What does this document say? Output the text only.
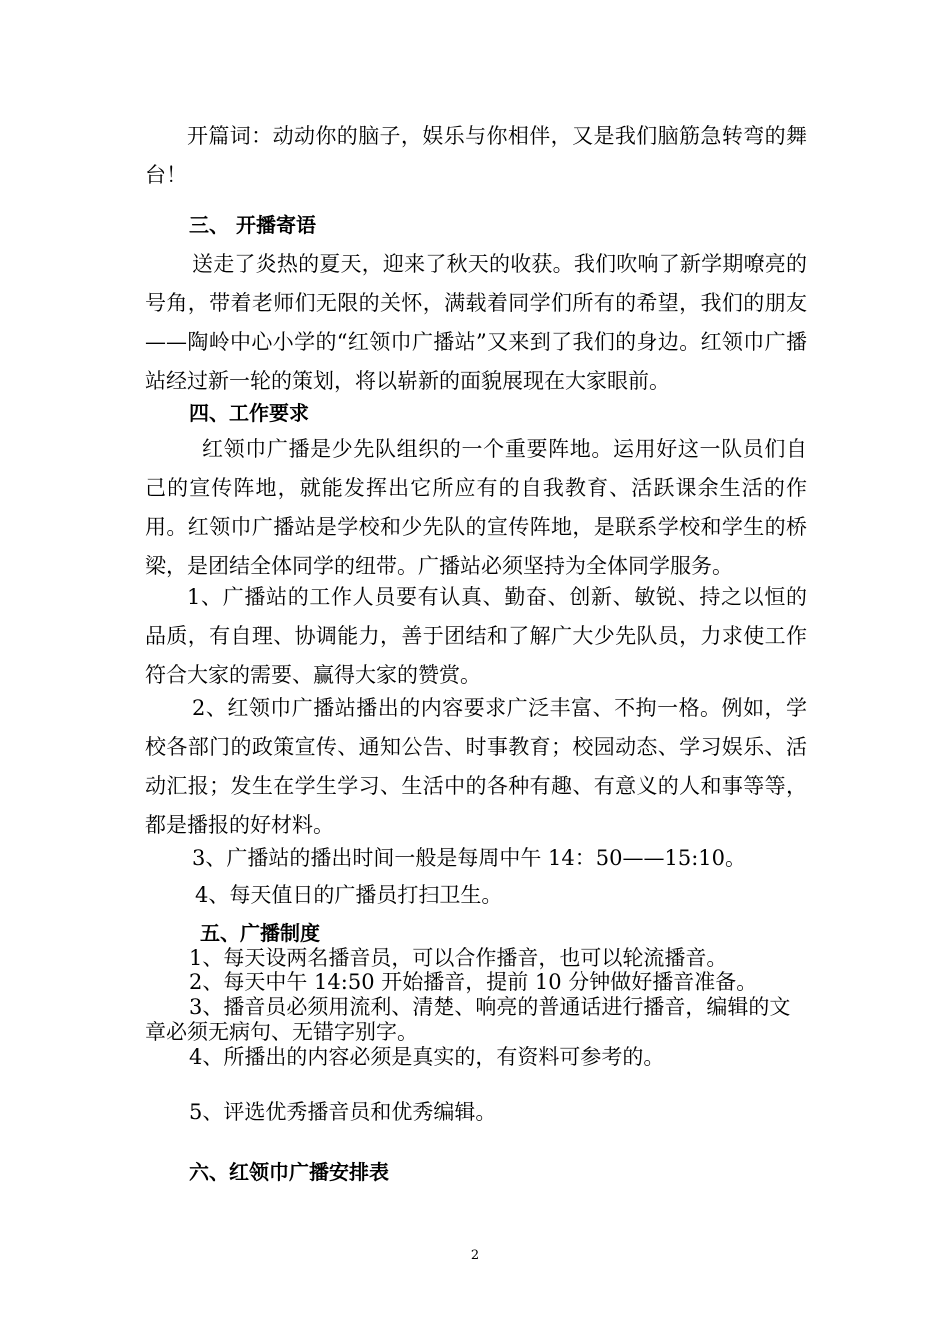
开篇词：动动你的脑子，娱乐与你相伴，又是我们脑筋急转弯的舞台！

三、 开播寄语

送走了炎热的夏天，迎来了秋天的收获。我们吹响了新学期嘹亮的号角，带着老师们无限的关怀，满载着同学们所有的希望，我们的朋友——陶岭中心小学的“红领巾广播站”又来到了我们的身边。红领巾广播站经过新一轮的策划，将以崭新的面貌展现在大家眼前。

四、工作要求

红领巾广播是少先队组织的一个重要阵地。运用好这一队员们自己的宣传阵地，就能发挥出它所应有的自我教育、活跃课余生活的作用。红领巾广播站是学校和少先队的宣传阵地，是联系学校和学生的桥梁，是团结全体同学的纽带。广播站必须坚持为全体同学服务。

1、广播站的工作人员要有认真、勤奋、创新、敏锐、持之以恒的品质，有自理、协调能力，善于团结和了解广大少先队员，力求使工作符合大家的需要、赢得大家的赞赏。

2、红领巾广播站播出的内容要求广泛丰富、不拘一格。例如，学校各部门的政策宣传、通知公告、时事教育；校园动态、学习娱乐、活动汇报；发生在学生学习、生活中的各种有趣、有意义的人和事等等，都是播报的好材料。

3、广播站的播出时间一般是每周中午 14：50——15:10。

4、每天值日的广播员打扫卫生。

五、广播制度

1、每天设两名播音员，可以合作播音，也可以轮流播音。

2、每天中午 14:50 开始播音，提前 10 分钟做好播音准备。

3、播音员必须用流利、清楚、响亮的普通话进行播音，编辑的文章必须无病句、无错字别字。

4、所播出的内容必须是真实的，有资料可参考的。

5、评选优秀播音员和优秀编辑。

六、红领巾广播安排表

2
